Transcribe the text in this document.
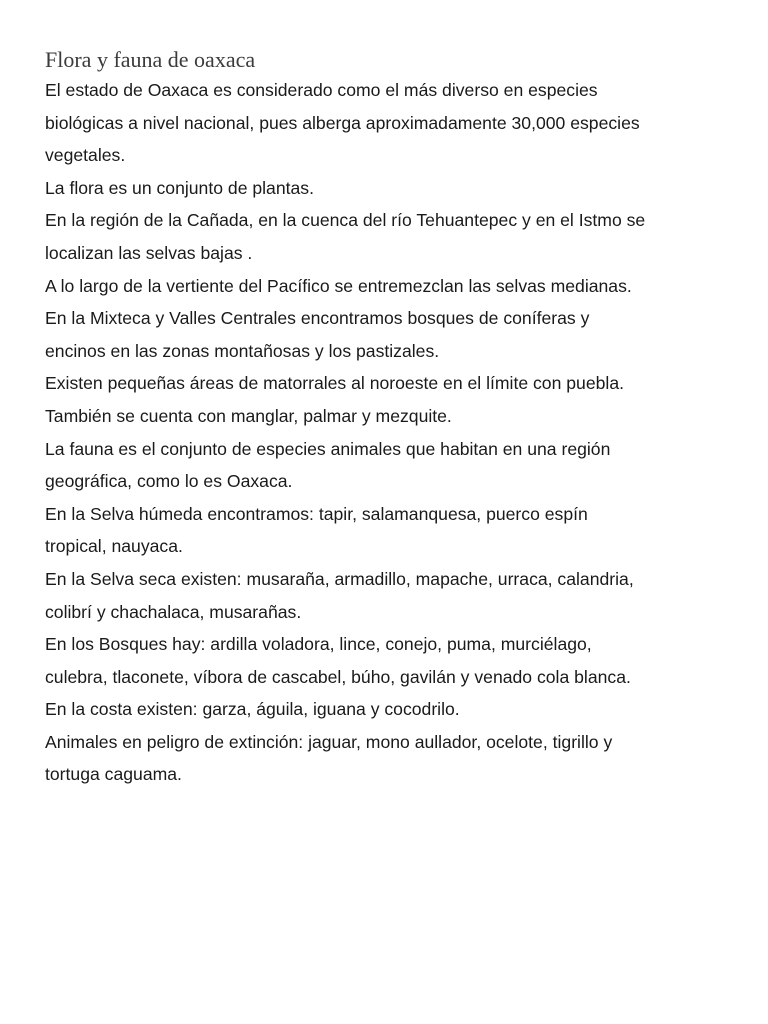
Flora y fauna de oaxaca
El estado de Oaxaca es considerado como el más diverso en especies
biológicas a nivel nacional, pues alberga aproximadamente 30,000 especies
vegetales.
La flora es un conjunto de plantas.
En la región de la Cañada, en la cuenca del río Tehuantepec y en el Istmo se
localizan las selvas bajas .
A lo largo de la vertiente del Pacífico se entremezclan las selvas medianas.
En la Mixteca y Valles Centrales encontramos bosques de coníferas y
encinos en las zonas montañosas y los pastizales.
Existen pequeñas áreas de matorrales al noroeste en el límite con puebla.
También se cuenta con manglar, palmar y mezquite.
La fauna es el conjunto de especies animales que habitan en una región
geográfica, como lo es Oaxaca.
En la Selva húmeda encontramos: tapir, salamanquesa, puerco espín
tropical, nauyaca.
En la Selva seca existen: musaraña, armadillo, mapache, urraca, calandria,
colibrí y chachalaca, musarañas.
En los Bosques hay: ardilla voladora, lince, conejo, puma, murciélago,
culebra, tlaconete, víbora de cascabel, búho, gavilán y venado cola blanca.
En la costa existen: garza, águila, iguana y cocodrilo.
Animales en peligro de extinción: jaguar, mono aullador, ocelote, tigrillo y
tortuga caguama.
